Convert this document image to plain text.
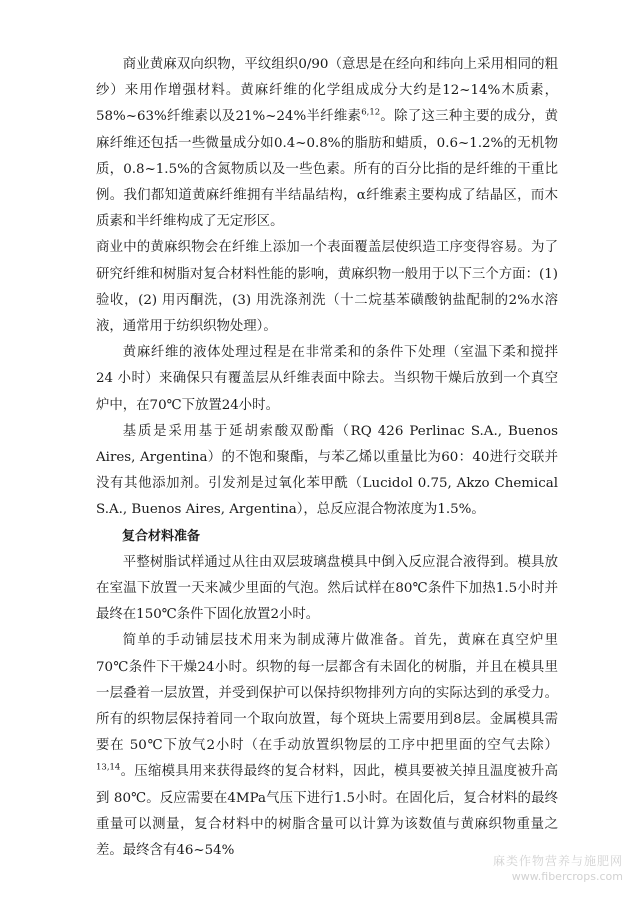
商业黄麻双向织物，平纹组织0/90（意思是在经向和纬向上采用相同的粗纱）来用作增强材料。黄麻纤维的化学组成成分大约是12~14%木质素，58%~63%纤维素以及21%~24%半纤维素$^{6,12}$。除了这三种主要的成分，黄麻纤维还包括一些微量成分如0.4~0.8%的脂肪和蜡质，0.6~1.2%的无机物质，0.8~1.5%的含氮物质以及一些色素。所有的百分比指的是纤维的干重比例。我们都知道黄麻纤维拥有半结晶结构，α纤维素主要构成了结晶区，而木质素和半纤维构成了无定形区。

商业中的黄麻织物会在纤维上添加一个表面覆盖层使织造工序变得容易。为了研究纤维和树脂对复合材料性能的影响，黄麻织物一般用于以下三个方面：(1) 验收，(2) 用丙酮洗，(3) 用洗涤剂洗（十二烷基苯磺酸钠盐配制的2%水溶液，通常用于纺织织物处理）。

黄麻纤维的液体处理过程是在非常柔和的条件下处理（室温下柔和搅拌 24 小时）来确保只有覆盖层从纤维表面中除去。当织物干燥后放到一个真空炉中，在70℃下放置24小时。

基质是采用基于延胡索酸双酚酯（RQ 426 Perlinac S.A., Buenos Aires, Argentina）的不饱和聚酯，与苯乙烯以重量比为60：40进行交联并没有其他添加剂。引发剂是过氧化苯甲酰（Lucidol 0.75, Akzo Chemical S.A., Buenos Aires, Argentina），总反应混合物浓度为1.5%。

复合材料准备

平整树脂试样通过从往由双层玻璃盘模具中倒入反应混合液得到。模具放在室温下放置一天来减少里面的气泡。然后试样在80℃条件下加热1.5小时并最终在150℃条件下固化放置2小时。

简单的手动铺层技术用来为制成薄片做准备。首先，黄麻在真空炉里 70℃条件下干燥24小时。织物的每一层都含有未固化的树脂，并且在模具里一层叠着一层放置，并受到保护可以保持织物排列方向的实际达到的承受力。所有的织物层保持着同一个取向放置，每个斑块上需要用到8层。金属模具需要在 50℃下放气2小时（在手动放置织物层的工序中把里面的空气去除）$^{13,14}$。压缩模具用来获得最终的复合材料，因此，模具要被关掉且温度被升高到 80℃。反应需要在4MPa气压下进行1.5小时。在固化后，复合材料的最终重量可以测量，复合材料中的树脂含量可以计算为该数值与黄麻织物重量之差。最终含有46~54%

麻类作物营养与施肥网
www.fibercrops.com
